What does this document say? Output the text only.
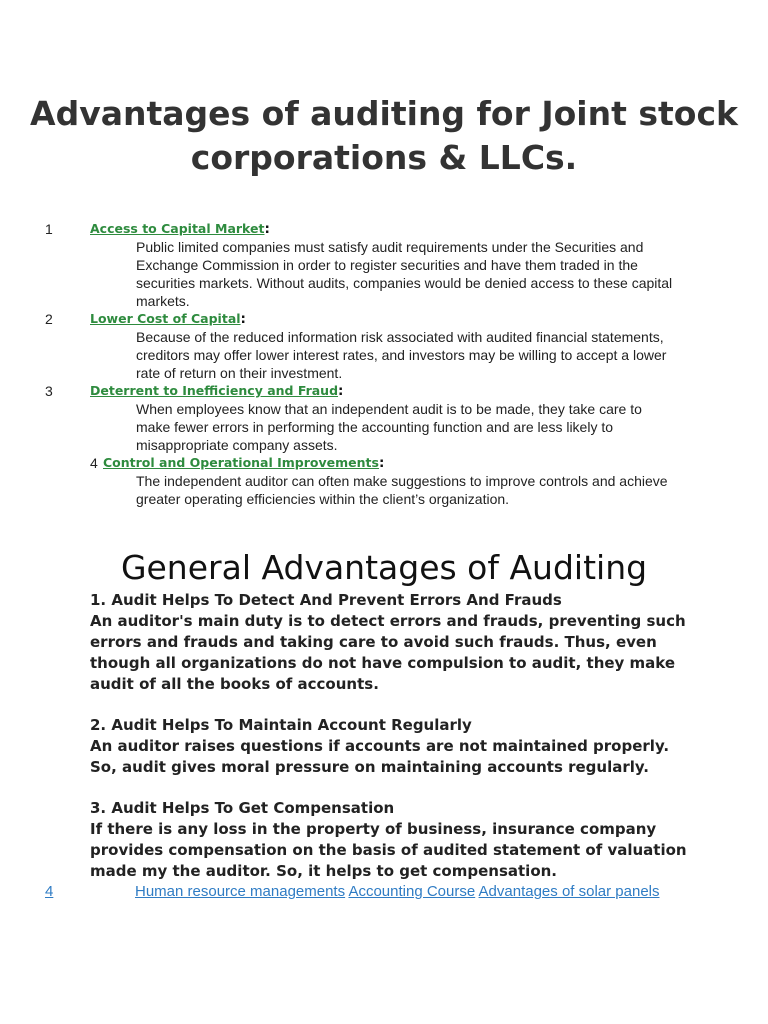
Advantages of auditing for Joint stock corporations & LLCs.
1	Access to Capital Market:
Public limited companies must satisfy audit requirements under the Securities and Exchange Commission in order to register securities and have them traded in the securities markets. Without audits, companies would be denied access to these capital markets.
2	Lower Cost of Capital:
Because of the reduced information risk associated with audited financial statements, creditors may offer lower interest rates, and investors may be willing to accept a lower rate of return on their investment.
3	Deterrent to Inefficiency and Fraud:
When employees know that an independent audit is to be made, they take care to make fewer errors in performing the accounting function and are less likely to misappropriate company assets.
4 Control and Operational Improvements:
The independent auditor can often make suggestions to improve controls and achieve greater operating efficiencies within the client’s organization.
General Advantages of Auditing
1. Audit Helps To Detect And Prevent Errors And Frauds
An auditor's main duty is to detect errors and frauds, preventing such errors and frauds and taking care to avoid such frauds. Thus, even though all organizations do not have compulsion to audit, they make audit of all the books of accounts.
2. Audit Helps To Maintain Account Regularly
An auditor raises questions if accounts are not maintained properly. So, audit gives moral pressure on maintaining accounts regularly.
3. Audit Helps To Get Compensation
If there is any loss in the property of business, insurance company provides compensation on the basis of audited statement of valuation made my the auditor. So, it helps to get compensation.
4	Human resource managements Accounting Course Advantages of solar panels
